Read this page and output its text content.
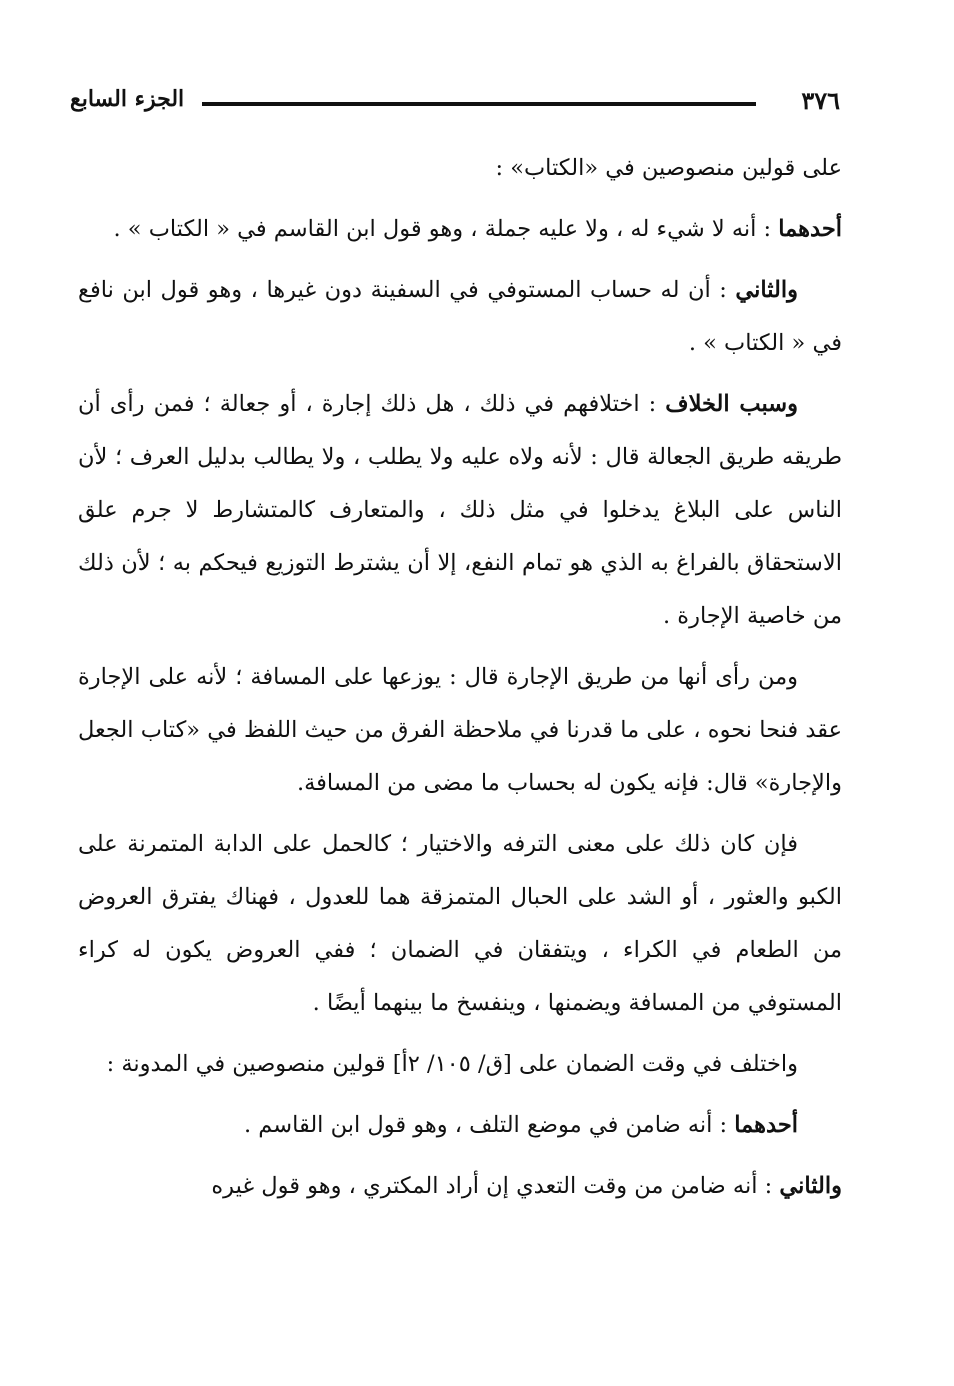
٣٧٦
الجزء السابع

على قولين منصوصين في «الكتاب» :

أحدهما : أنه لا شيء له ، ولا عليه جملة ، وهو قول ابن القاسم في « الكتاب » .

والثاني : أن له حساب المستوفي في السفينة دون غيرها ، وهو قول ابن نافع في « الكتاب » .

وسبب الخلاف : اختلافهم في ذلك ، هل ذلك إجارة ، أو جعالة ؛ فمن رأى أن طريقه طريق الجعالة قال : لأنه ولاه عليه ولا يطلب ، ولا يطالب بدليل العرف ؛ لأن الناس على البلاغ يدخلوا في مثل ذلك ، والمتعارف كالمتشارط لا جرم علق الاستحقاق بالفراغ به الذي هو تمام النفع، إلا أن يشترط التوزيع فيحكم به ؛ لأن ذلك من خاصية الإجارة .

ومن رأى أنها من طريق الإجارة قال : يوزعها على المسافة ؛ لأنه على الإجارة عقد فنحا نحوه ، على ما قدرنا في ملاحظة الفرق من حيث اللفظ في «كتاب الجعل والإجارة» قال: فإنه يكون له بحساب ما مضى من المسافة.

فإن كان ذلك على معنى الترفه والاختيار ؛ كالحمل على الدابة المتمرنة على الكبو والعثور ، أو الشد على الحبال المتمزقة هما للعدول ، فهناك يفترق العروض من الطعام في الكراء ، ويتفقان في الضمان ؛ ففي العروض يكون له كراء المستوفي من المسافة ويضمنها ، وينفسخ ما بينهما أيضًا .

واختلف في وقت الضمان على [ق/ ١٠٥/ ٢أ] قولين منصوصين في المدونة :

أحدهما : أنه ضامن في موضع التلف ، وهو قول ابن القاسم .

والثاني : أنه ضامن من وقت التعدي إن أراد المكتري ، وهو قول غيره
